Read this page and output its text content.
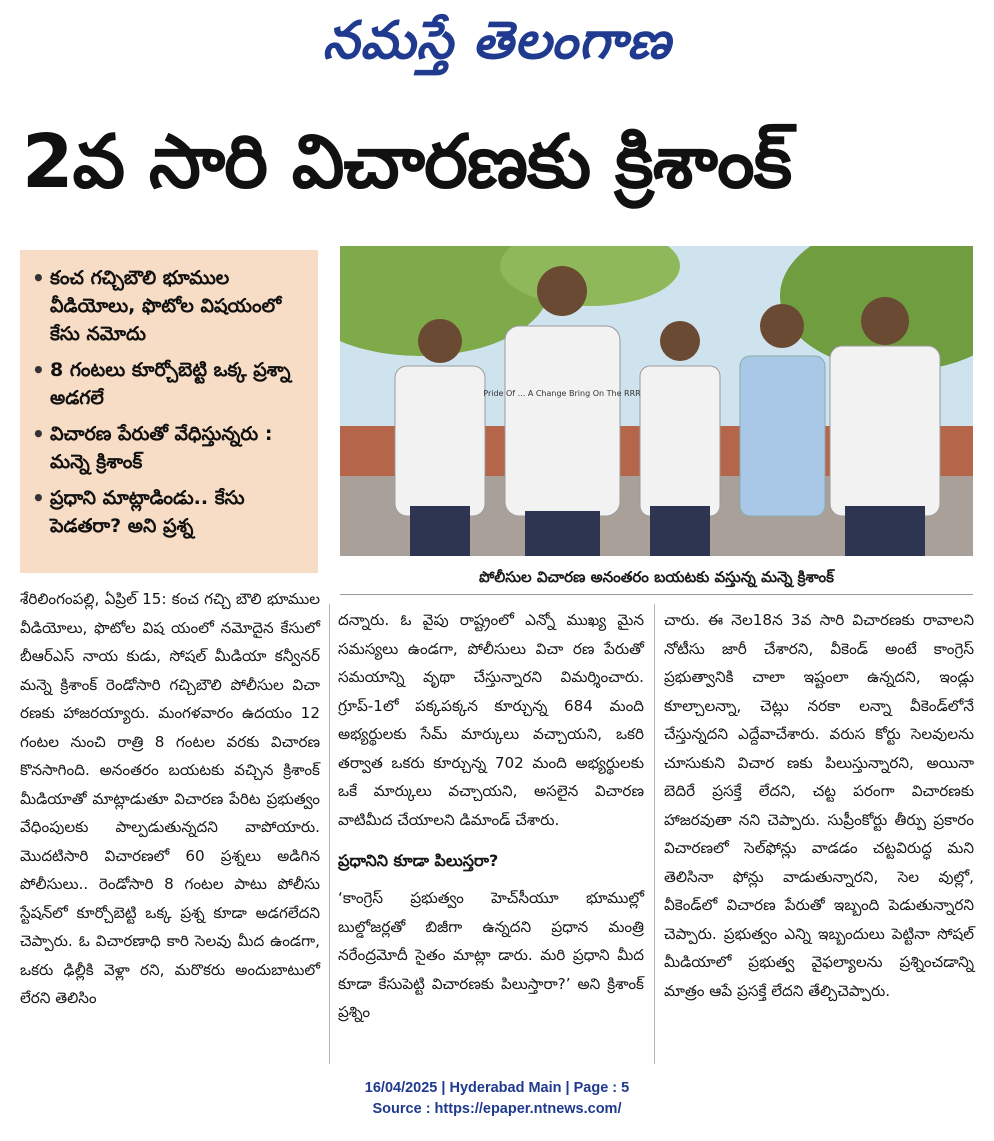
నమస్తే తెలంగాణ
2వ సారి విచారణకు క్రిశాంక్
• కంచ గచ్చిబౌలి భూముల వీడియోలు, ఫొటోల విషయంలో కేసు నమోదు
• 8 గంటలు కూర్చోబెట్టి ఒక్క ప్రశ్నా అడగలే
• విచారణ పేరుతో వేధిస్తున్నరు : మన్నె క్రిశాంక్
• ప్రధాని మాట్లాడిండు.. కేసు పెడతరా? అని ప్రశ్న
Pride Of ... A Change Bring On The RRR
పోలీసుల విచారణ అనంతరం బయటకు వస్తున్న మన్నె క్రిశాంక్

శేరిలింగంపల్లి, ఏప్రిల్ 15: కంచ గచ్చి బౌలి భూముల వీడియోలు, ఫొటోల విష యంలో నమోదైన కేసులో బీఆర్ఎస్ నాయ కుడు, సోషల్ మీడియా కన్వీనర్ మన్నె క్రిశాంక్ రెండోసారి గచ్చిబౌలి పోలీసుల విచా రణకు హాజరయ్యారు. మంగళవారం ఉదయం 12 గంటల నుంచి రాత్రి 8 గంటల వరకు విచారణ కొనసాగింది. అనంతరం బయటకు వచ్చిన క్రిశాంక్ మీడియాతో మాట్లాడుతూ విచారణ పేరిట ప్రభుత్వం వేధింపులకు పాల్పడుతున్నదని వాపోయారు. మొదటిసారి విచారణలో 60 ప్రశ్నలు అడిగిన పోలీసులు.. రెండోసారి 8 గంటల పాటు పోలీసు స్టేషన్‌లో కూర్చోబెట్టి ఒక్క ప్రశ్న కూడా అడగలేదని చెప్పారు. ఓ విచారణాధి కారి సెలవు మీద ఉండగా, ఒకరు ఢిల్లీకి వెళ్లా రని, మరొకరు అందుబాటులో లేరని తెలిసిం

దన్నారు. ఓ వైపు రాష్ట్రంలో ఎన్నో ముఖ్య మైన సమస్యలు ఉండగా, పోలీసులు విచా రణ పేరుతో సమయాన్ని వృథా చేస్తున్నారని విమర్శించారు. గ్రూప్-1లో పక్కపక్కన కూర్చున్న 684 మంది అభ్యర్థులకు సేమ్ మార్కులు వచ్చాయని, ఒకరి తర్వాత ఒకరు కూర్చున్న 702 మంది అభ్యర్థులకు ఒకే మార్కులు వచ్చాయని, అసలైన విచారణ వాటిమీద చేయాలని డిమాండ్ చేశారు.

ప్రధానిని కూడా పిలుస్తరా?

‘కాంగ్రెస్ ప్రభుత్వం హెచ్‌సీయూ భూముల్లో బుల్డోజర్లతో బిజీగా ఉన్నదని ప్రధాన మంత్రి నరేంద్రమోదీ సైతం మాట్లా డారు. మరి ప్రధాని మీద కూడా కేసుపెట్టి విచారణకు పిలుస్తారా?’ అని క్రిశాంక్ ప్రశ్నిం

చారు. ఈ నెల18న 3వ సారి విచారణకు రావాలని నోటీసు జారీ చేశారని, వీకెండ్ అంటే కాంగ్రెస్ ప్రభుత్వానికి చాలా ఇష్టంలా ఉన్నదని, ఇండ్లు కూల్చాలన్నా, చెట్లు నరకా లన్నా వీకెండ్‌లోనే చేస్తున్నదని ఎద్దేవాచేశారు. వరుస కోర్టు సెలవులను చూసుకుని విచార ణకు పిలుస్తున్నారని, అయినా బెదిరే ప్రసక్తే లేదని, చట్ట పరంగా విచారణకు హాజరవుతా నని చెప్పారు. సుప్రీంకోర్టు తీర్పు ప్రకారం విచారణలో సెల్‌ఫోన్లు వాడడం చట్టవిరుద్ధ మని తెలిసినా ఫోన్లు వాడుతున్నారని, సెల వుల్లో, వీకెండ్‌లో విచారణ పేరుతో ఇబ్బంది పెడుతున్నారని చెప్పారు. ప్రభుత్వం ఎన్ని ఇబ్బందులు పెట్టినా సోషల్ మీడియాలో ప్రభుత్వ వైఫల్యాలను ప్రశ్నించడాన్ని మాత్రం ఆపే ప్రసక్తే లేదని తేల్చిచెప్పారు.

16/04/2025 | Hyderabad Main | Page : 5
Source : https://epaper.ntnews.com/
